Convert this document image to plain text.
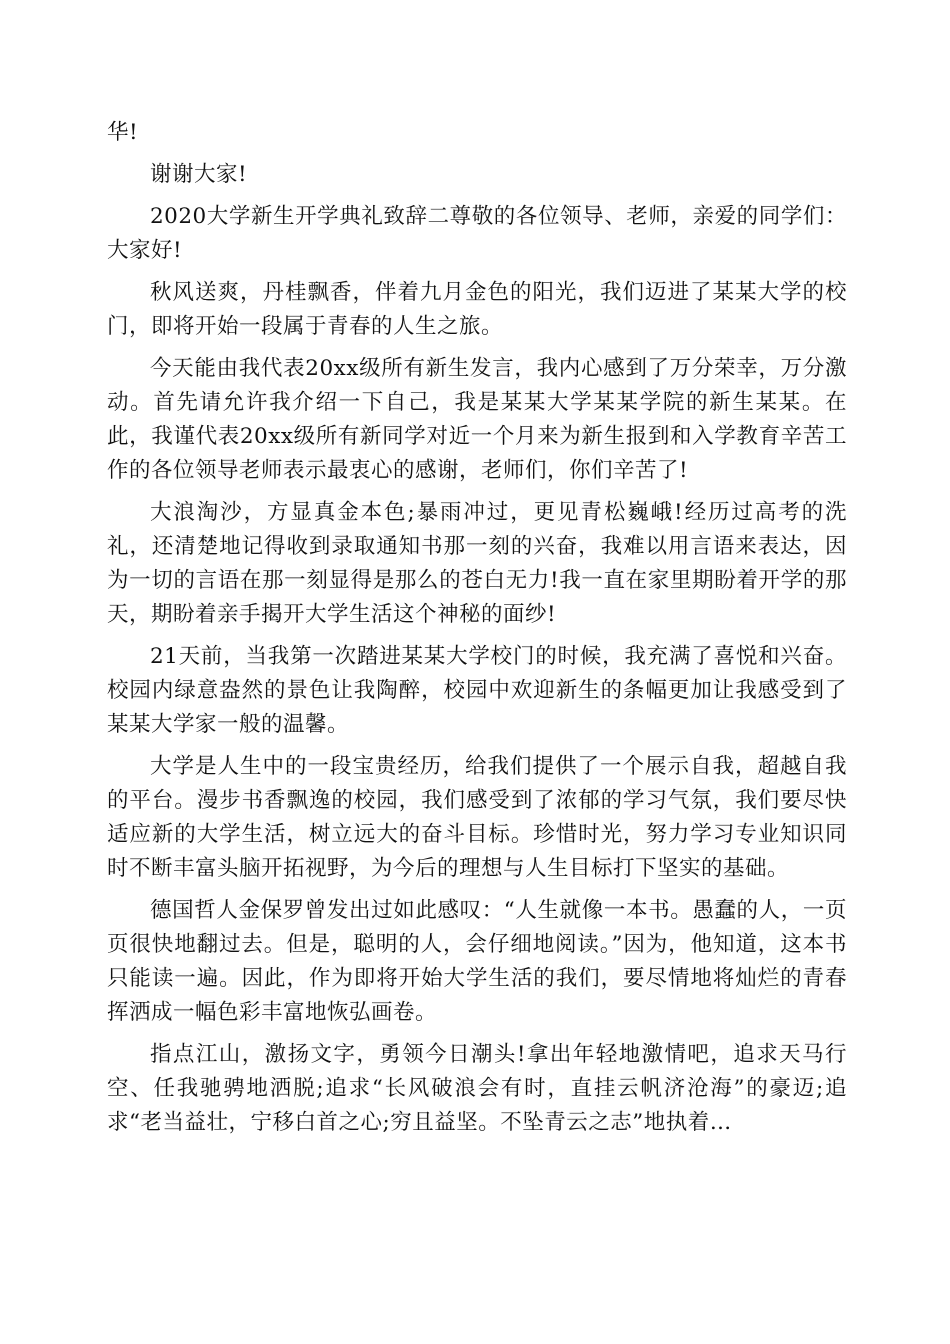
华!

谢谢大家!

2020大学新生开学典礼致辞二尊敬的各位领导、老师，亲爱的同学们：大家好!

秋风送爽，丹桂飘香，伴着九月金色的阳光，我们迈进了某某大学的校门，即将开始一段属于青春的人生之旅。

今天能由我代表20xx级所有新生发言，我内心感到了万分荣幸，万分激动。首先请允许我介绍一下自己，我是某某大学某某学院的新生某某。在此，我谨代表20xx级所有新同学对近一个月来为新生报到和入学教育辛苦工作的各位领导老师表示最衷心的感谢，老师们，你们辛苦了!

大浪淘沙，方显真金本色;暴雨冲过，更见青松巍峨!经历过高考的洗礼，还清楚地记得收到录取通知书那一刻的兴奋，我难以用言语来表达，因为一切的言语在那一刻显得是那么的苍白无力!我一直在家里期盼着开学的那天，期盼着亲手揭开大学生活这个神秘的面纱!

21天前，当我第一次踏进某某大学校门的时候，我充满了喜悦和兴奋。校园内绿意盎然的景色让我陶醉，校园中欢迎新生的条幅更加让我感受到了某某大学家一般的温馨。

大学是人生中的一段宝贵经历，给我们提供了一个展示自我，超越自我的平台。漫步书香飘逸的校园，我们感受到了浓郁的学习气氛，我们要尽快适应新的大学生活，树立远大的奋斗目标。珍惜时光，努力学习专业知识同时不断丰富头脑开拓视野，为今后的理想与人生目标打下坚实的基础。

德国哲人金保罗曾发出过如此感叹：“人生就像一本书。愚蠢的人，一页页很快地翻过去。但是，聪明的人，会仔细地阅读。”因为，他知道，这本书只能读一遍。因此，作为即将开始大学生活的我们，要尽情地将灿烂的青春挥洒成一幅色彩丰富地恢弘画卷。

指点江山，激扬文字，勇领今日潮头!拿出年轻地激情吧，追求天马行空、任我驰骋地洒脱;追求“长风破浪会有时，直挂云帆济沧海”的豪迈;追求“老当益壮，宁移白首之心;穷且益坚。不坠青云之志”地执着…
